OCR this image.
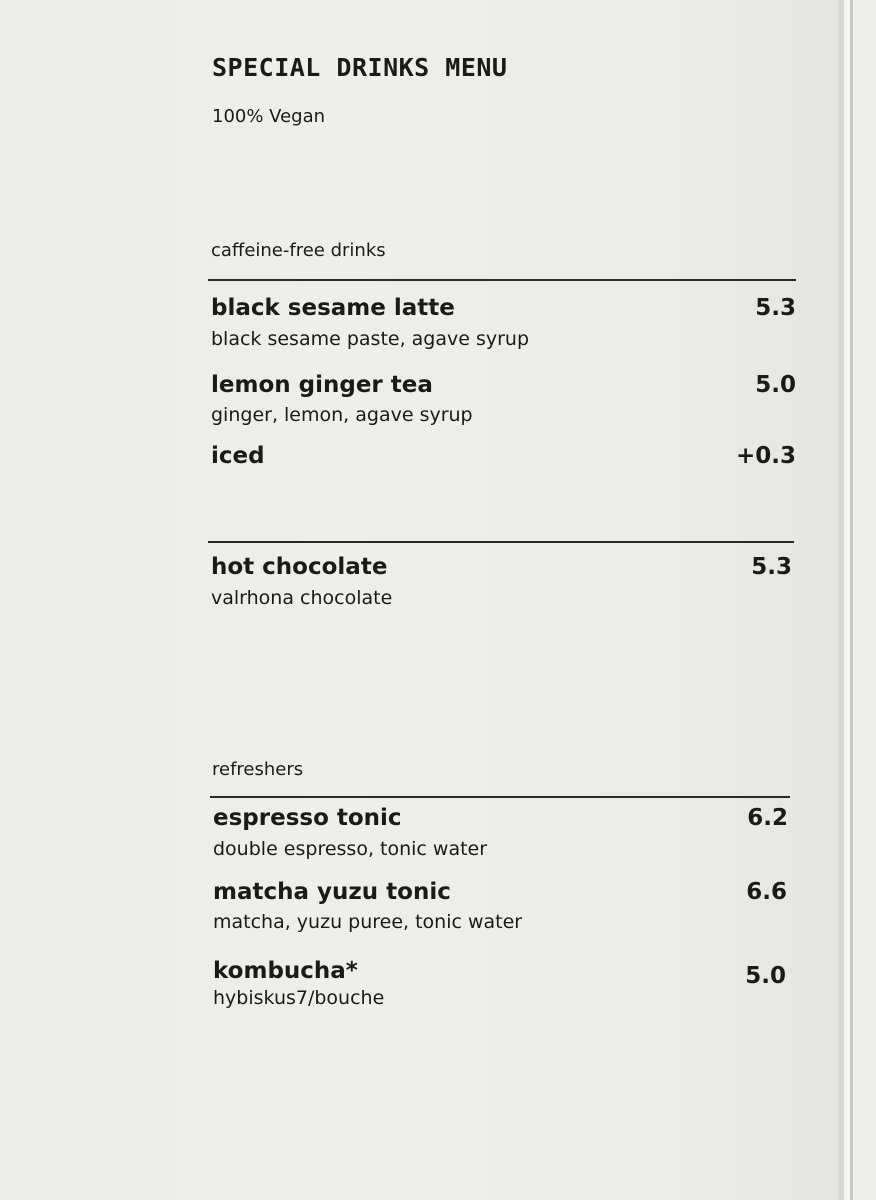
SPECIAL DRINKS MENU
100% Vegan
caffeine-free drinks
black sesame latte	5.3
black sesame paste, agave syrup
lemon ginger tea	5.0
ginger, lemon, agave syrup
iced	+0.3
hot chocolate	5.3
valrhona chocolate
refreshers
espresso tonic	6.2
double espresso, tonic water
matcha yuzu tonic	6.6
matcha, yuzu puree, tonic water
kombucha*	5.0
hybiskus7/bouche
